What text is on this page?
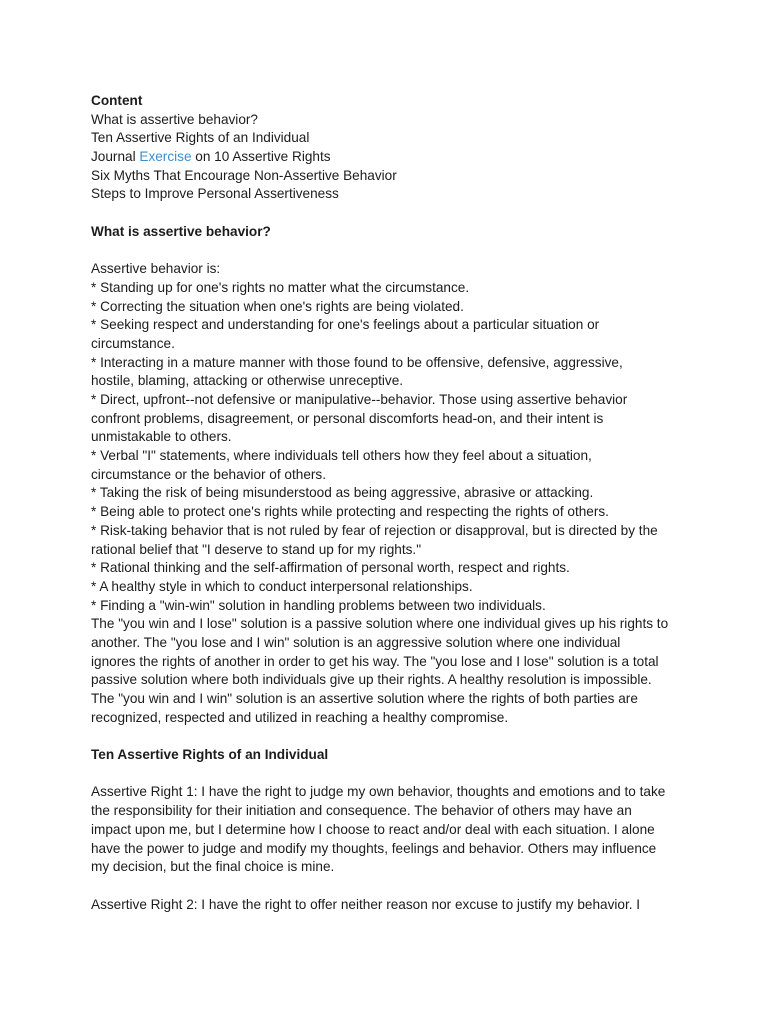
Content
What is assertive behavior?
Ten Assertive Rights of an Individual
Journal Exercise on 10 Assertive Rights
Six Myths That Encourage Non-Assertive Behavior
Steps to Improve Personal Assertiveness
What is assertive behavior?
Assertive behavior is:
* Standing up for one's rights no matter what the circumstance.
* Correcting the situation when one's rights are being violated.
* Seeking respect and understanding for one's feelings about a particular situation or
circumstance.
* Interacting in a mature manner with those found to be offensive, defensive, aggressive,
hostile, blaming, attacking or otherwise unreceptive.
* Direct, upfront--not defensive or manipulative--behavior. Those using assertive behavior
confront problems, disagreement, or personal discomforts head-on, and their intent is
unmistakable to others.
* Verbal "I" statements, where individuals tell others how they feel about a situation,
circumstance or the behavior of others.
* Taking the risk of being misunderstood as being aggressive, abrasive or attacking.
* Being able to protect one's rights while protecting and respecting the rights of others.
* Risk-taking behavior that is not ruled by fear of rejection or disapproval, but is directed by the
rational belief that "I deserve to stand up for my rights."
* Rational thinking and the self-affirmation of personal worth, respect and rights.
* A healthy style in which to conduct interpersonal relationships.
* Finding a "win-win" solution in handling problems between two individuals.
The "you win and I lose" solution is a passive solution where one individual gives up his rights to
another. The "you lose and I win" solution is an aggressive solution where one individual
ignores the rights of another in order to get his way. The "you lose and I lose" solution is a total
passive solution where both individuals give up their rights. A healthy resolution is impossible.
The "you win and I win" solution is an assertive solution where the rights of both parties are
recognized, respected and utilized in reaching a healthy compromise.
Ten Assertive Rights of an Individual
Assertive Right 1: I have the right to judge my own behavior, thoughts and emotions and to take
the responsibility for their initiation and consequence. The behavior of others may have an
impact upon me, but I determine how I choose to react and/or deal with each situation. I alone
have the power to judge and modify my thoughts, feelings and behavior. Others may influence
my decision, but the final choice is mine.
Assertive Right 2: I have the right to offer neither reason nor excuse to justify my behavior. I
